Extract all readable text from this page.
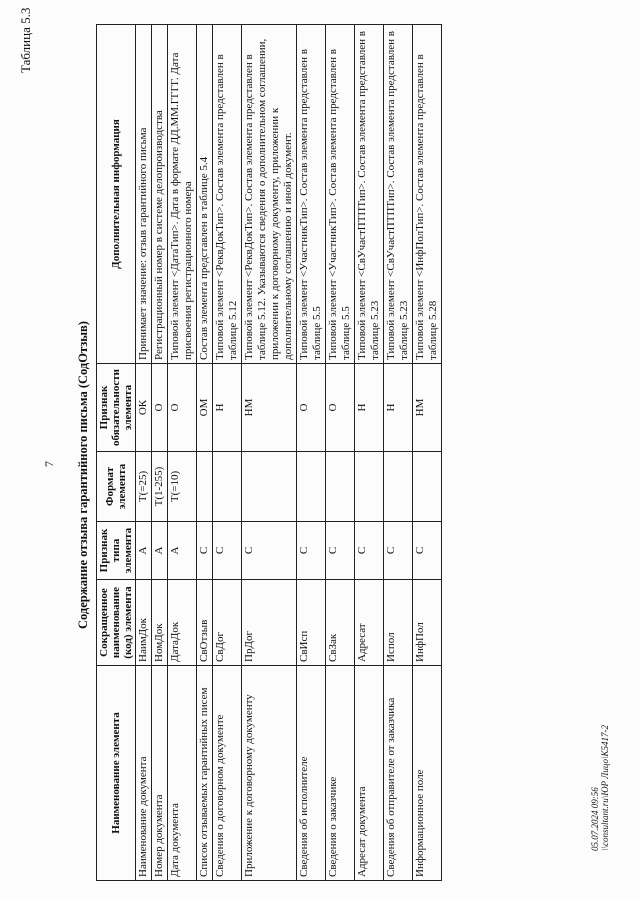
7
Таблица 5.3
Содержание отзыва гарантийного письма (СодОтзыв)
Наименование элемента	Сокращенное наименование (код) элемента	Признак типа элемента	Формат элемента	Признак обязательности элемента	Дополнительная информация
Наименование документа	НаимДок	А	T(=25)	ОК	Принимает значение: отзыв гарантийного письма
Номер документа	НомДок	А	T(1-255)	О	Регистрационный номер в системе делопроизводства
Дата документа	ДатаДок	А	T(=10)	О	Типовой элемент <ДатаТип>. Дата в формате ДД.ММ.ГГГГ. Дата присвоения регистрационного номера
Список отзываемых гарантийных писем	СвОтзыв	С		ОМ	Состав элемента представлен в таблице 5.4
Сведения о договорном документе	СвДог	С		Н	Типовой элемент <РеквДокТип>. Состав элемента представлен в таблице 5.12
Приложение к договорному документу	ПрДог	С		НМ	Типовой элемент <РеквДокТип>. Состав элемента представлен в таблице 5.12. Указываются сведения о дополнительном соглашении, приложении к договорному документу, приложении к дополнительному соглашению и иной документ.
Сведения об исполнителе	СвИсп	С		О	Типовой элемент <УчастникТип>. Состав элемента представлен в таблице 5.5
Сведения о заказчике	СвЗак	С		О	Типовой элемент <УчастникТип>. Состав элемента представлен в таблице 5.5
Адресат документа	Адресат	С		Н	Типовой элемент <СвУчастПТПТип>. Состав элемента представлен в таблице 5.23
Сведения об отправителе от заказчика	Испол	С		Н	Типовой элемент <СвУчастПТПТип>. Состав элемента представлен в таблице 5.23
Информационное поле	ИнфПол	С		НМ	Типовой элемент <ИнфПолТип>. Состав элемента представлен в таблице 5.28
05.07.2024 09:56 \\consultant.ru\ЮР Лицо\К5417-2
